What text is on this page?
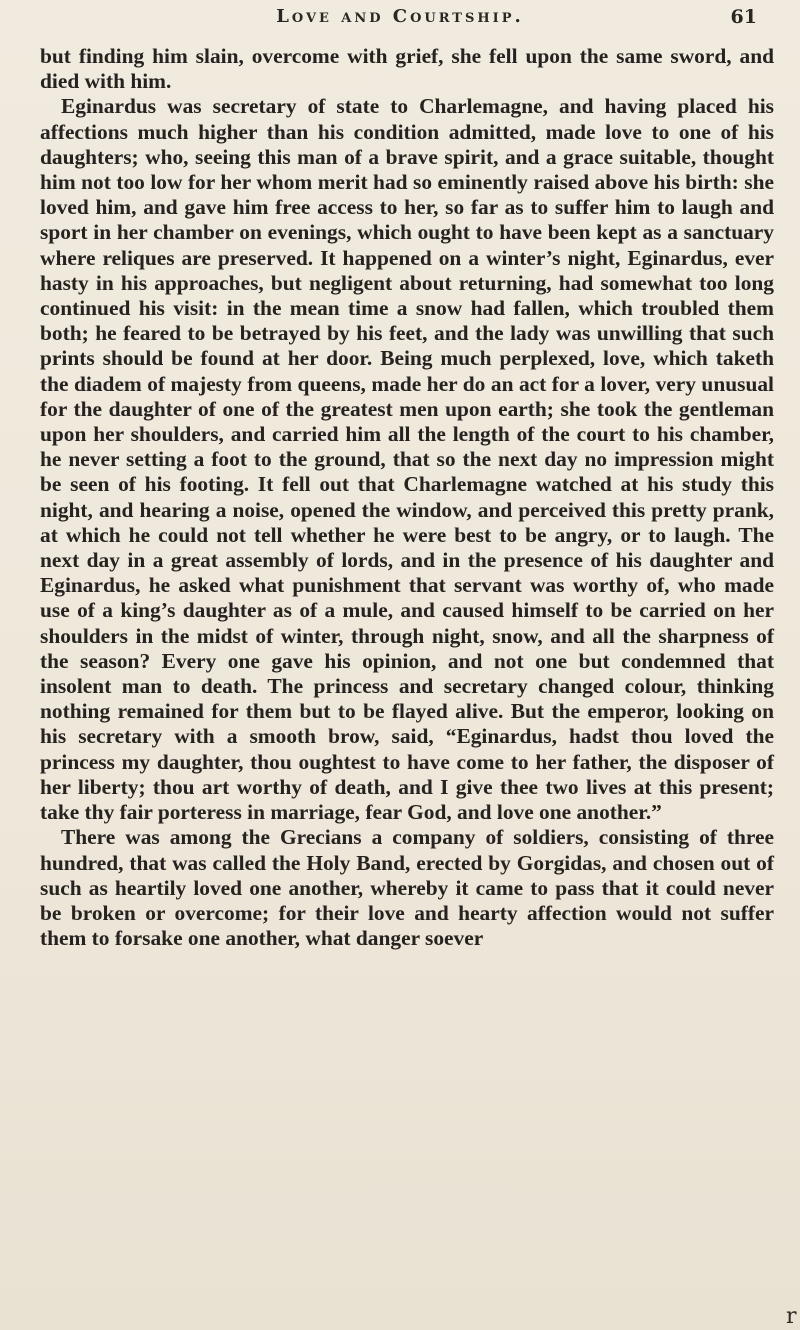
Love and Courtship.	61

but finding him slain, overcome with grief, she fell upon the same sword, and died with him.

Eginardus was secretary of state to Charlemagne, and having placed his affections much higher than his condition admitted, made love to one of his daughters; who, seeing this man of a brave spirit, and a grace suitable, thought him not too low for her whom merit had so eminently raised above his birth: she loved him, and gave him free access to her, so far as to suffer him to laugh and sport in her chamber on evenings, which ought to have been kept as a sanctuary where reliques are preserved. It happened on a winter’s night, Eginardus, ever hasty in his approaches, but negligent about returning, had somewhat too long continued his visit: in the mean time a snow had fallen, which troubled them both; he feared to be betrayed by his feet, and the lady was unwilling that such prints should be found at her door. Being much perplexed, love, which taketh the diadem of majesty from queens, made her do an act for a lover, very unusual for the daughter of one of the greatest men upon earth; she took the gentleman upon her shoulders, and carried him all the length of the court to his chamber, he never setting a foot to the ground, that so the next day no impression might be seen of his footing. It fell out that Charlemagne watched at his study this night, and hearing a noise, opened the window, and perceived this pretty prank, at which he could not tell whether he were best to be angry, or to laugh. The next day in a great assembly of lords, and in the presence of his daughter and Eginardus, he asked what punishment that servant was worthy of, who made use of a king’s daughter as of a mule, and caused himself to be carried on her shoulders in the midst of winter, through night, snow, and all the sharpness of the season? Every one gave his opinion, and not one but condemned that insolent man to death. The princess and secretary changed colour, thinking nothing remained for them but to be flayed alive. But the emperor, looking on his secretary with a smooth brow, said, “Eginardus, hadst thou loved the princess my daughter, thou oughtest to have come to her father, the disposer of her liberty; thou art worthy of death, and I give thee two lives at this present; take thy fair porteress in marriage, fear God, and love one another.”

There was among the Grecians a company of soldiers, consisting of three hundred, that was called the Holy Band, erected by Gorgidas, and chosen out of such as heartily loved one another, whereby it came to pass that it could never be broken or overcome; for their love and hearty affection would not suffer them to forsake one another, what danger soever

r
